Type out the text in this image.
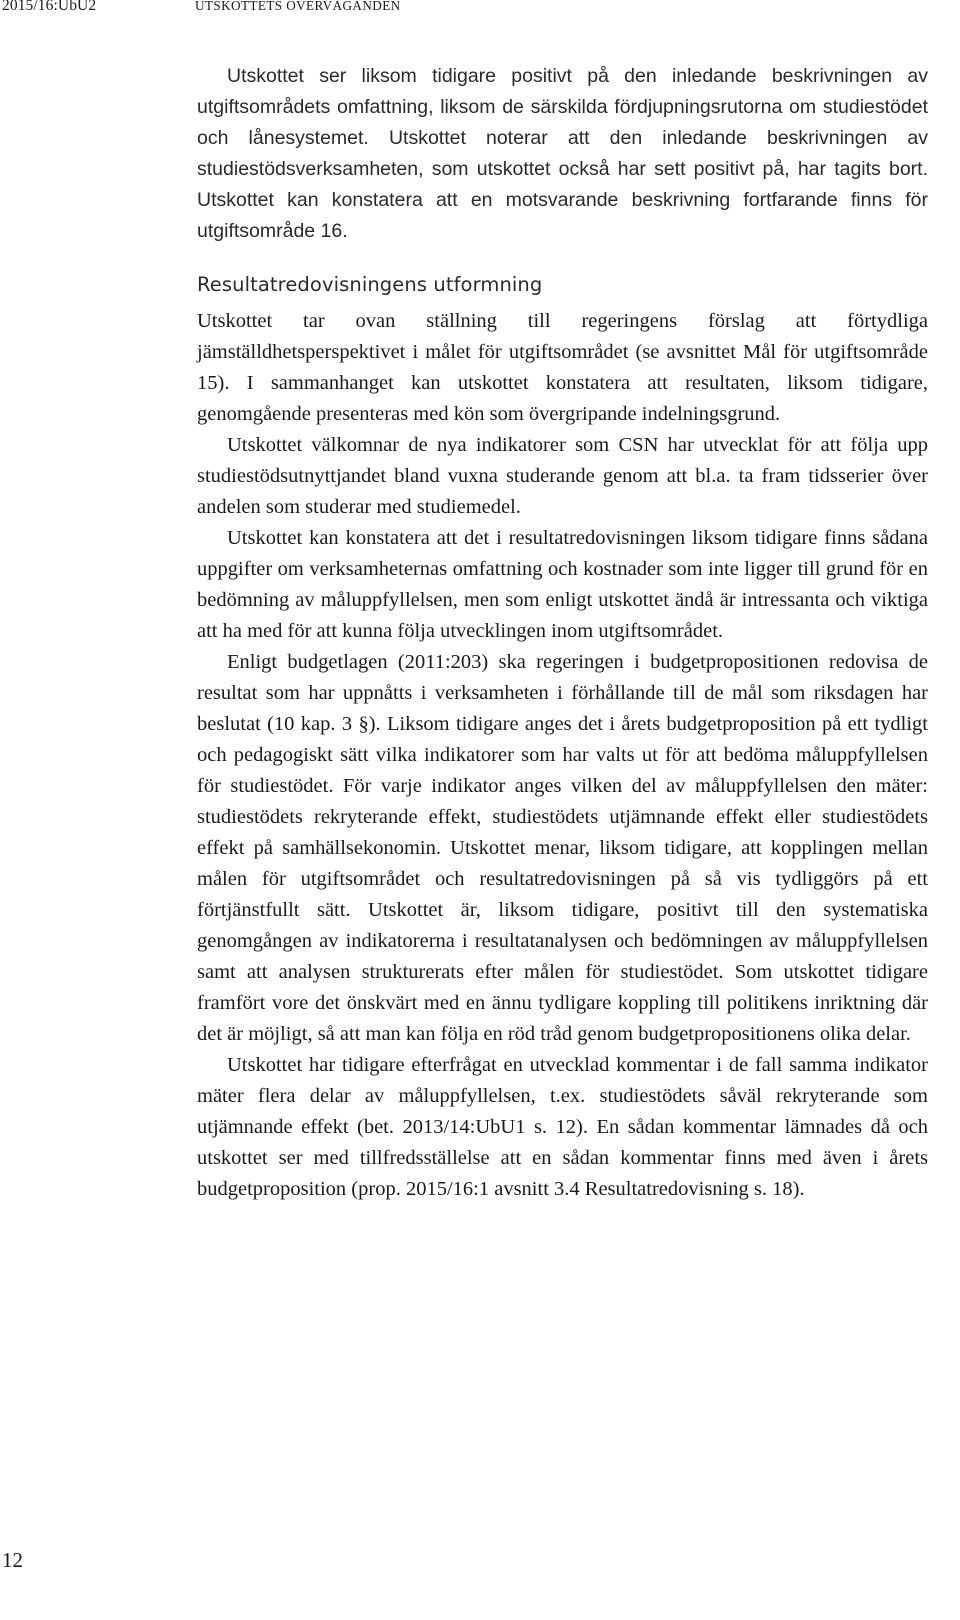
2015/16:UbU2	UTSKOTTETS ÖVERVÄGANDEN

Utskottet ser liksom tidigare positivt på den inledande beskrivningen av utgiftsområdets omfattning, liksom de särskilda fördjupningsrutorna om studiestödet och lånesystemet. Utskottet noterar att den inledande beskrivningen av studiestödsverksamheten, som utskottet också har sett positivt på, har tagits bort. Utskottet kan konstatera att en motsvarande beskrivning fortfarande finns för utgiftsområde 16.

Resultatredovisningens utformning

Utskottet tar ovan ställning till regeringens förslag att förtydliga jämställdhetsperspektivet i målet för utgiftsområdet (se avsnittet Mål för utgiftsområde 15). I sammanhanget kan utskottet konstatera att resultaten, liksom tidigare, genomgående presenteras med kön som övergripande indelningsgrund.

Utskottet välkomnar de nya indikatorer som CSN har utvecklat för att följa upp studiestödsutnyttjandet bland vuxna studerande genom att bl.a. ta fram tidsserier över andelen som studerar med studiemedel.

Utskottet kan konstatera att det i resultatredovisningen liksom tidigare finns sådana uppgifter om verksamheternas omfattning och kostnader som inte ligger till grund för en bedömning av måluppfyllelsen, men som enligt utskottet ändå är intressanta och viktiga att ha med för att kunna följa utvecklingen inom utgiftsområdet.

Enligt budgetlagen (2011:203) ska regeringen i budgetpropositionen redovisa de resultat som har uppnåtts i verksamheten i förhållande till de mål som riksdagen har beslutat (10 kap. 3 §). Liksom tidigare anges det i årets budgetproposition på ett tydligt och pedagogiskt sätt vilka indikatorer som har valts ut för att bedöma måluppfyllelsen för studiestödet. För varje indikator anges vilken del av måluppfyllelsen den mäter: studiestödets rekryterande effekt, studiestödets utjämnande effekt eller studiestödets effekt på samhällsekonomin. Utskottet menar, liksom tidigare, att kopplingen mellan målen för utgiftsområdet och resultatredovisningen på så vis tydliggörs på ett förtjänstfullt sätt. Utskottet är, liksom tidigare, positivt till den systematiska genomgången av indikatorerna i resultatanalysen och bedömningen av måluppfyllelsen samt att analysen strukturerats efter målen för studiestödet. Som utskottet tidigare framfört vore det önskvärt med en ännu tydligare koppling till politikens inriktning där det är möjligt, så att man kan följa en röd tråd genom budgetpropositionens olika delar.

Utskottet har tidigare efterfrågat en utvecklad kommentar i de fall samma indikator mäter flera delar av måluppfyllelsen, t.ex. studiestödets såväl rekryterande som utjämnande effekt (bet. 2013/14:UbU1 s. 12). En sådan kommentar lämnades då och utskottet ser med tillfredsställelse att en sådan kommentar finns med även i årets budgetproposition (prop. 2015/16:1 avsnitt 3.4 Resultatredovisning s. 18).

12
